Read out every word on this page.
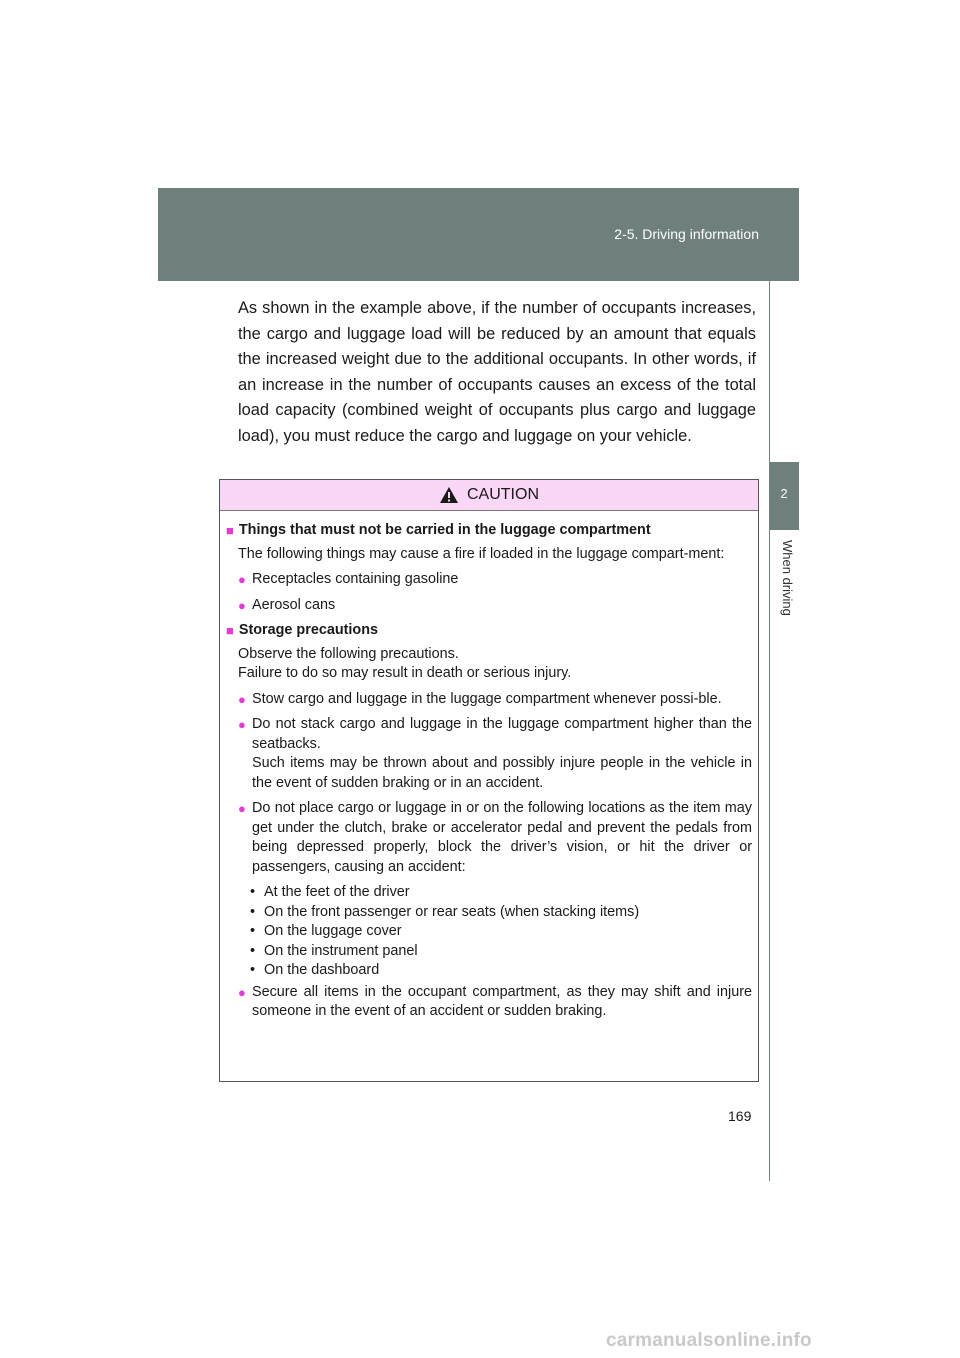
2-5. Driving information
2
When driving
As shown in the example above, if the number of occupants increases, the cargo and luggage load will be reduced by an amount that equals the increased weight due to the additional occupants. In other words, if an increase in the number of occupants causes an excess of the total load capacity (combined weight of occupants plus cargo and luggage load), you must reduce the cargo and luggage on your vehicle.
CAUTION
■ Things that must not be carried in the luggage compartment

The following things may cause a fire if loaded in the luggage compart-ment:

● Receptacles containing gasoline
● Aerosol cans
■ Storage precautions

Observe the following precautions.

Failure to do so may result in death or serious injury.

● Stow cargo and luggage in the luggage compartment whenever possi-ble.
● Do not stack cargo and luggage in the luggage compartment higher than the seatbacks.
Such items may be thrown about and possibly injure people in the vehicle in the event of sudden braking or in an accident.
● Do not place cargo or luggage in or on the following locations as the item may get under the clutch, brake or accelerator pedal and prevent the pedals from being depressed properly, block the driver’s vision, or hit the driver or passengers, causing an accident:
• At the feet of the driver
• On the front passenger or rear seats (when stacking items)
• On the luggage cover
• On the instrument panel
• On the dashboard
● Secure all items in the occupant compartment, as they may shift and injure someone in the event of an accident or sudden braking.
169
carmanualsonline.info
